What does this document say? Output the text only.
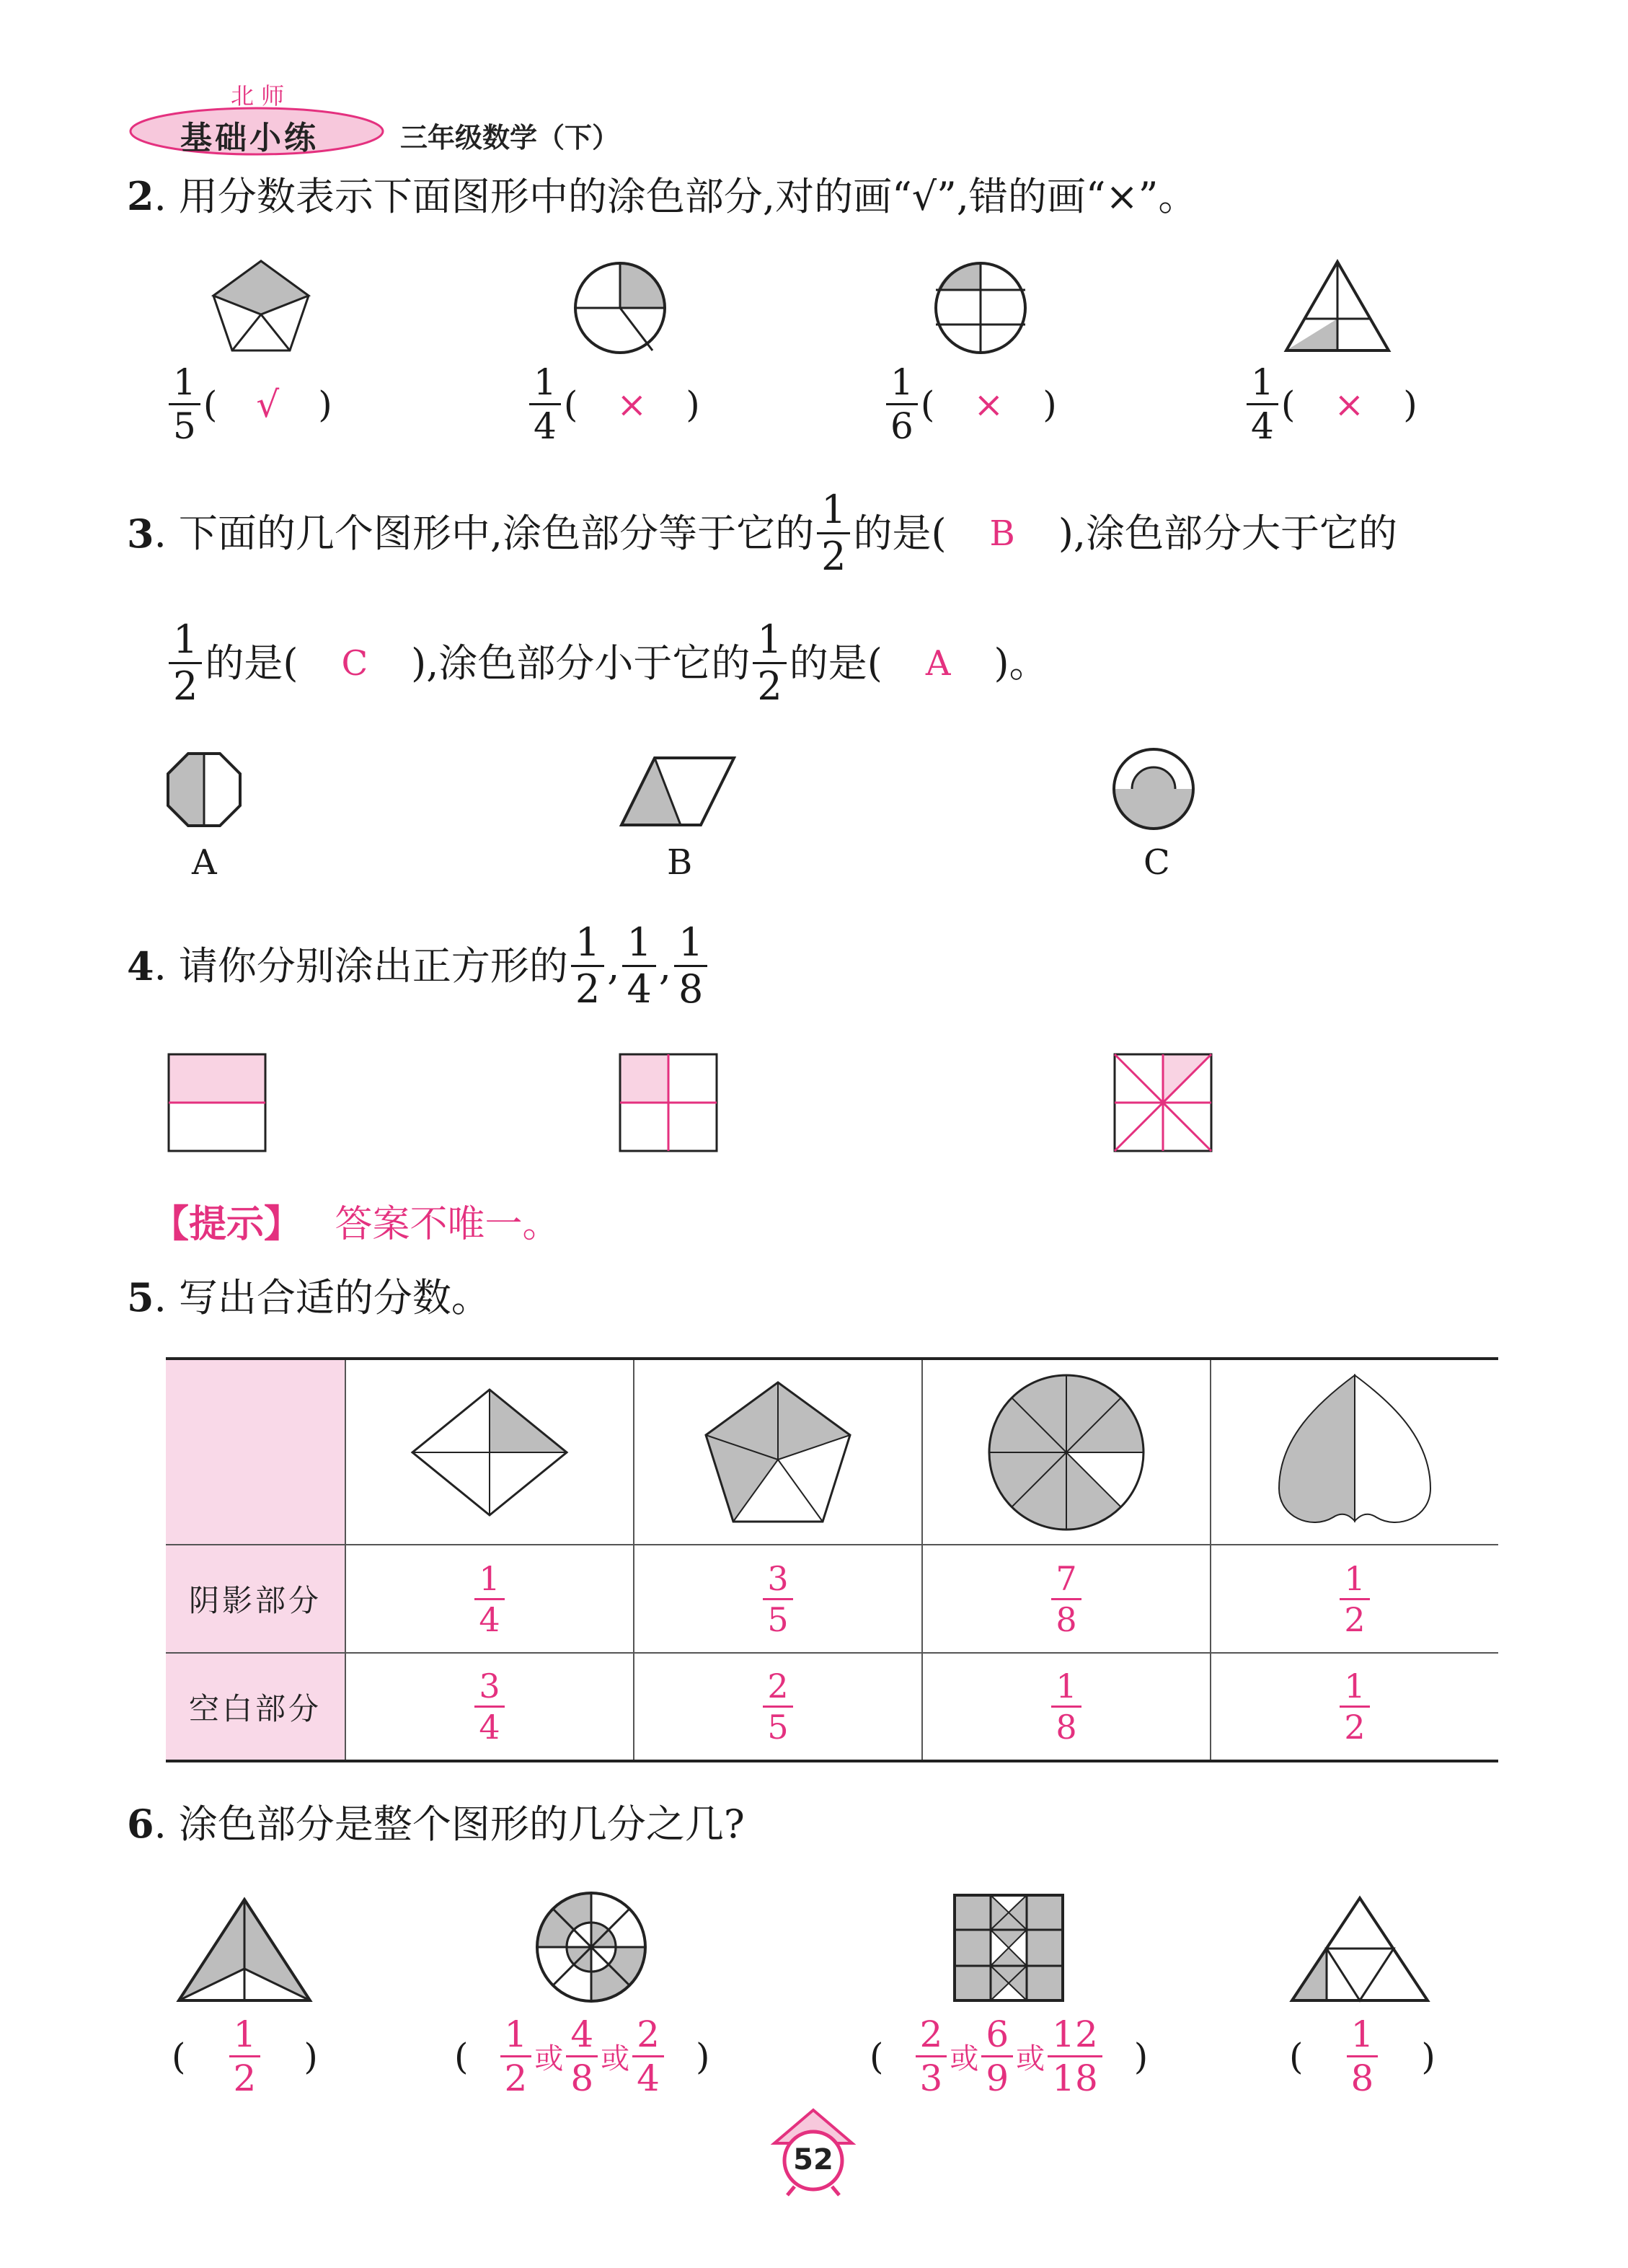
北 师
基础小练	三年级数学（下）
2. 用分数表示下面图形中的涂色部分,对的画“√”,错的画“×”。
$\frac{1}{5}$ ( √ )	$\frac{1}{4}$ ( × )	$\frac{1}{6}$ ( × )	$\frac{1}{4}$ ( × )
3 . 下面的几个图形中,涂色部分等于它的 $\frac{1}{2}$ 的是( B ),涂色部分大于它的
$\frac{1}{2}$ 的是( C ),涂色部分小于它的 $\frac{1}{2}$ 的是( A )。
A	B	C
4 . 请你分别涂出正方形的 $\frac{1}{2}$ , $\frac{1}{4}$ , $\frac{1}{8}$
【提示】 答案不唯一。
5. 写出合适的分数。

阴影部分	$\frac{1}{4}$	$\frac{3}{5}$	$\frac{7}{8}$	$\frac{1}{2}$

空白部分	$\frac{3}{4}$	$\frac{2}{5}$	$\frac{1}{8}$	$\frac{1}{2}$
6. 涂色部分是整个图形的几分之几?
( $\frac{1}{2}$ )	( $\frac{1}{2}$ 或 $\frac{4}{8}$ 或 $\frac{2}{4}$ )	( $\frac{2}{3}$ 或 $\frac{6}{9}$ 或 $\frac{12}{18}$ )	( $\frac{1}{8}$ )
52
